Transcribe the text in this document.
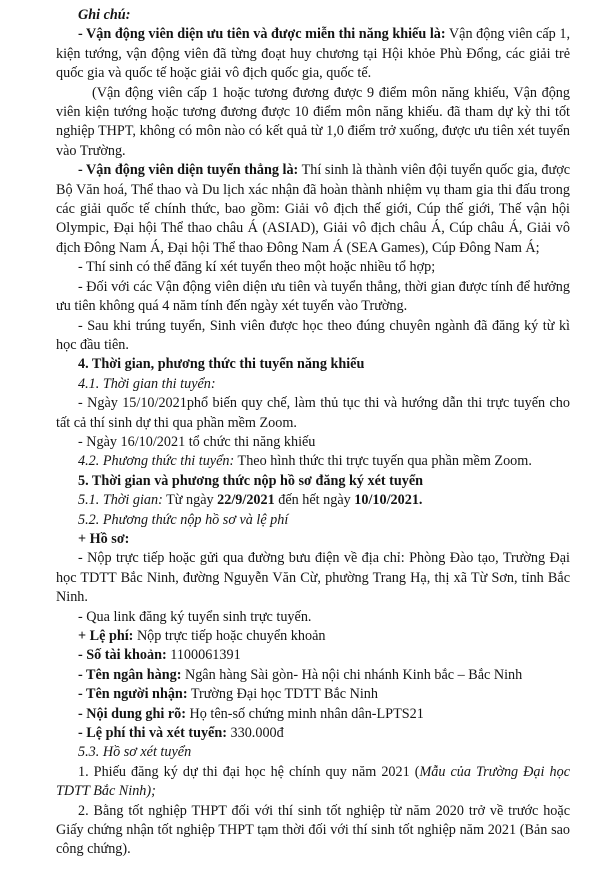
Ghi chú:

- Vận động viên diện ưu tiên và được miễn thi năng khiếu là: Vận động viên cấp 1, kiện tướng, vận động viên đã từng đoạt huy chương tại Hội khỏe Phù Đổng, các giải trẻ quốc gia và quốc tế hoặc giải vô địch quốc gia, quốc tế.

(Vận động viên cấp 1 hoặc tương đương được 9 điểm môn năng khiếu, Vận động viên kiện tướng hoặc tương đương được 10 điểm môn năng khiếu. đã tham dự kỳ thi tốt nghiệp THPT, không có môn nào có kết quả từ 1,0 điểm trở xuống, được ưu tiên xét tuyển vào Trường.

- Vận động viên diện tuyển thẳng là: Thí sinh là thành viên đội tuyển quốc gia, được Bộ Văn hoá, Thể thao và Du lịch xác nhận đã hoàn thành nhiệm vụ tham gia thi đấu trong các giải quốc tế chính thức, bao gồm: Giải vô địch thế giới, Cúp thế giới, Thế vận hội Olympic, Đại hội Thể thao châu Á (ASIAD), Giải vô địch châu Á, Cúp châu Á, Giải vô địch Đông Nam Á, Đại hội Thể thao Đông Nam Á (SEA Games), Cúp Đông Nam Á;

- Thí sinh có thể đăng kí xét tuyển theo một hoặc nhiều tổ hợp;

- Đối với các Vận động viên diện ưu tiên và tuyển thẳng, thời gian được tính để hưởng ưu tiên không quá 4 năm tính đến ngày xét tuyển vào Trường.

- Sau khi trúng tuyển, Sinh viên được học theo đúng chuyên ngành đã đăng ký từ kì học đầu tiên.

4. Thời gian, phương thức thi tuyển năng khiếu

4.1. Thời gian thi tuyển:

- Ngày 15/10/2021phổ biến quy chế, làm thủ tục thi và hướng dẫn thi trực tuyến cho tất cả thí sinh dự thi qua phần mềm Zoom.

- Ngày 16/10/2021 tổ chức thi năng khiếu

4.2. Phương thức thi tuyển: Theo hình thức thi trực tuyến qua phần mềm Zoom.

5. Thời gian và phương thức nộp hồ sơ đăng ký xét tuyển

5.1. Thời gian: Từ ngày 22/9/2021 đến hết ngày 10/10/2021.

5.2. Phương thức nộp hồ sơ và lệ phí

+ Hồ sơ:

- Nộp trực tiếp hoặc gửi qua đường bưu điện về địa chỉ: Phòng Đào tạo, Trường Đại học TDTT Bắc Ninh, đường Nguyễn Văn Cừ, phường Trang Hạ, thị xã Từ Sơn, tỉnh Bắc Ninh.

- Qua link đăng ký tuyển sinh trực tuyến.

+ Lệ phí: Nộp trực tiếp hoặc chuyển khoản

- Số tài khoản: 1100061391

- Tên ngân hàng: Ngân hàng Sài gòn- Hà nội chi nhánh Kinh bắc – Bắc Ninh

- Tên người nhận: Trường Đại học TDTT Bắc Ninh

- Nội dung ghi rõ: Họ tên-số chứng minh nhân dân-LPTS21

- Lệ phí thi và xét tuyển: 330.000đ

5.3. Hồ sơ xét tuyển

1. Phiếu đăng ký dự thi đại học hệ chính quy năm 2021 (Mẫu của Trường Đại học TDTT Bắc Ninh);

2. Bằng tốt nghiệp THPT đối với thí sinh tốt nghiệp từ năm 2020 trở về trước hoặc Giấy chứng nhận tốt nghiệp THPT tạm thời đối với thí sinh tốt nghiệp năm 2021 (Bản sao công chứng).
